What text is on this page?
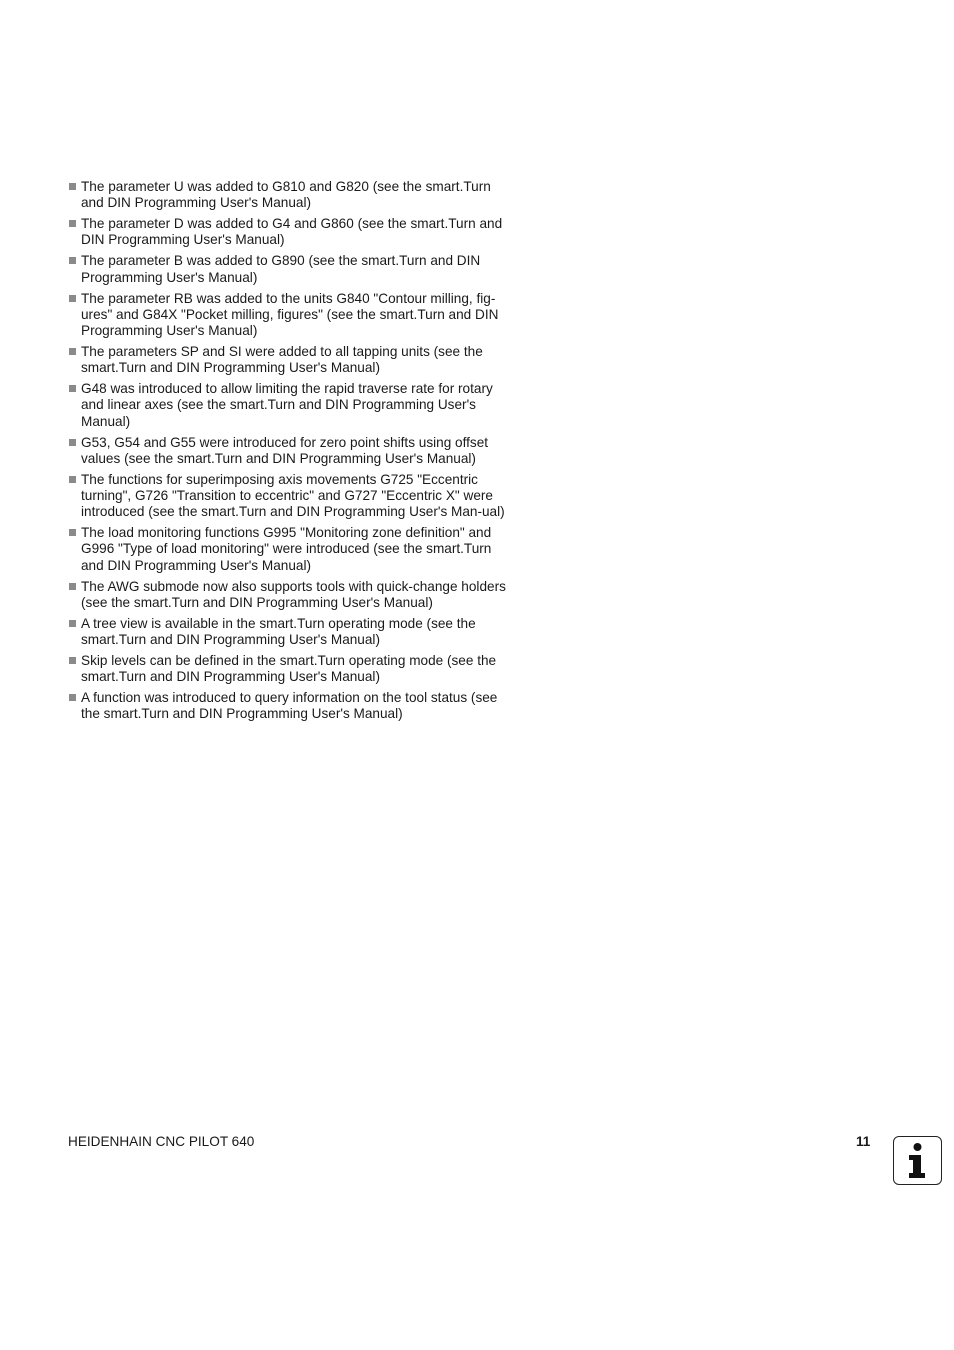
The parameter U was added to G810 and G820 (see the smart.Turn and DIN Programming User's Manual)
The parameter D was added to G4 and G860 (see the smart.Turn and DIN Programming User's Manual)
The parameter B was added to G890 (see the smart.Turn and DIN Programming User's Manual)
The parameter RB was added to the units G840 "Contour milling, fig-ures" and G84X "Pocket milling, figures" (see the smart.Turn and DIN Programming User's Manual)
The parameters SP and SI were added to all tapping units (see the smart.Turn and DIN Programming User's Manual)
G48 was introduced to allow limiting the rapid traverse rate for rotary and linear axes (see the smart.Turn and DIN Programming User's Manual)
G53, G54 and G55 were introduced for zero point shifts using offset values (see the smart.Turn and DIN Programming User's Manual)
The functions for superimposing axis movements G725 "Eccentric turning", G726 "Transition to eccentric" and G727 "Eccentric X" were introduced (see the smart.Turn and DIN Programming User's Man-ual)
The load monitoring functions G995 "Monitoring zone definition" and G996 "Type of load monitoring" were introduced (see the smart.Turn and DIN Programming User's Manual)
The AWG submode now also supports tools with quick-change holders (see the smart.Turn and DIN Programming User's Manual)
A tree view is available in the smart.Turn operating mode (see the smart.Turn and DIN Programming User's Manual)
Skip levels can be defined in the smart.Turn operating mode (see the smart.Turn and DIN Programming User's Manual)
A function was introduced to query information on the tool status (see the smart.Turn and DIN Programming User's Manual)
HEIDENHAIN CNC PILOT 640	11
